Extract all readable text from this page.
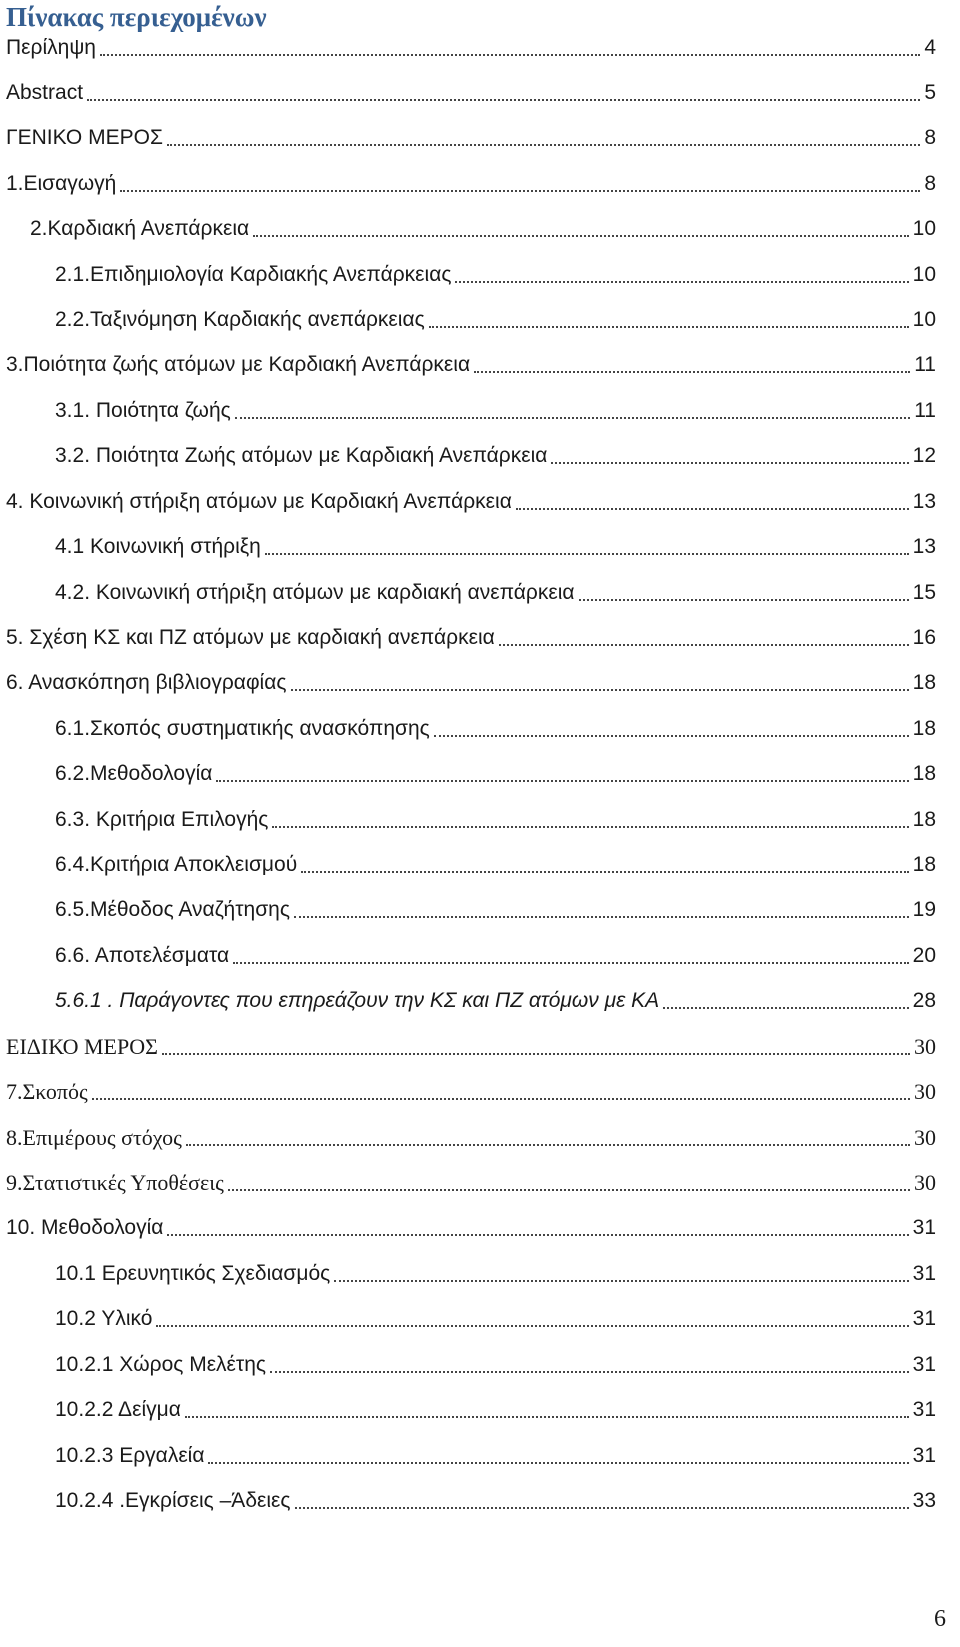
Πίνακας περιεχομένων
Περίληψη	4
Abstract	5
ΓΕΝΙΚΟ ΜΕΡΟΣ	8
1.Εισαγωγή	8
2.Καρδιακή Ανεπάρκεια	10
2.1.Επιδημιολογία Καρδιακής Ανεπάρκειας	10
2.2.Ταξινόμηση Καρδιακής ανεπάρκειας	10
3.Ποιότητα ζωής ατόμων με Καρδιακή Ανεπάρκεια	11
3.1. Ποιότητα ζωής	11
3.2. Ποιότητα Ζωής ατόμων με Καρδιακή Ανεπάρκεια	12
4. Κοινωνική στήριξη ατόμων με Καρδιακή Ανεπάρκεια	13
4.1 Κοινωνική στήριξη	13
4.2. Κοινωνική στήριξη ατόμων με καρδιακή ανεπάρκεια	15
5. Σχέση ΚΣ και ΠΖ ατόμων με καρδιακή ανεπάρκεια	16
6. Ανασκόπηση βιβλιογραφίας	18
6.1.Σκοπός συστηματικής ανασκόπησης	18
6.2.Μεθοδολογία	18
6.3. Κριτήρια Επιλογής	18
6.4.Κριτήρια Αποκλεισμού	18
6.5.Μέθοδος Αναζήτησης	19
6.6. Αποτελέσματα	20
5.6.1 . Παράγοντες που επηρεάζουν την ΚΣ και ΠΖ ατόμων με ΚΑ	28
ΕΙΔΙΚΟ ΜΕΡΟΣ	30
7.Σκοπός	30
8.Επιμέρους στόχος	30
9.Στατιστικές Υποθέσεις	30
10. Μεθοδολογία	31
10.1 Ερευνητικός Σχεδιασμός	31
10.2 Υλικό	31
10.2.1 Χώρος Μελέτης	31
10.2.2 Δείγμα	31
10.2.3 Εργαλεία	31
10.2.4 .Εγκρίσεις –Άδειες	33
6
